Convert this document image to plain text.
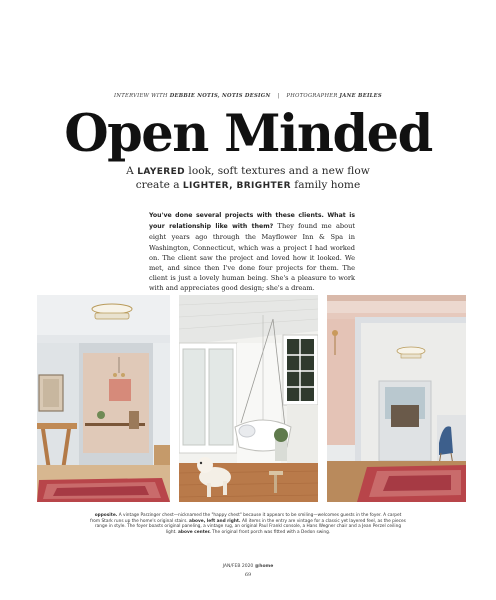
INTERVIEW WITH DEBBIE NOTIS, NOTIS DESIGN | PHOTOGRAPHER JANE BEILES
Open Minded
A LAYERED look, soft textures and a new flow
create a LIGHTER, BRIGHTER family home
You've done several projects with these clients. What is your relationship like with them? They found me about eight years ago through the Mayflower Inn & Spa in Washington, Connecticut, which was a project I had worked on. The client saw the project and loved how it looked. We met, and since then I've done four projects for them. The client is just a lovely human being. She's a pleasure to work with and appreciates good design; she's a dream.
opposite. A vintage Parzinger chest—nicknamed the "happy chest" because it appears to be smiling—welcomes guests in the foyer. A carpet from Stark runs up the home's original stairs. above, left and right. All items in the entry are vintage for a classic yet layered feel, as the pieces range in style. The foyer boasts original paneling, a vintage rug, an original Paul Frankl console, a Hans Wegner chair and a Jean Perzel ceiling light. above center. The original front porch was fitted with a Dedon swing.
JAN/FEB 2020 @home
69
